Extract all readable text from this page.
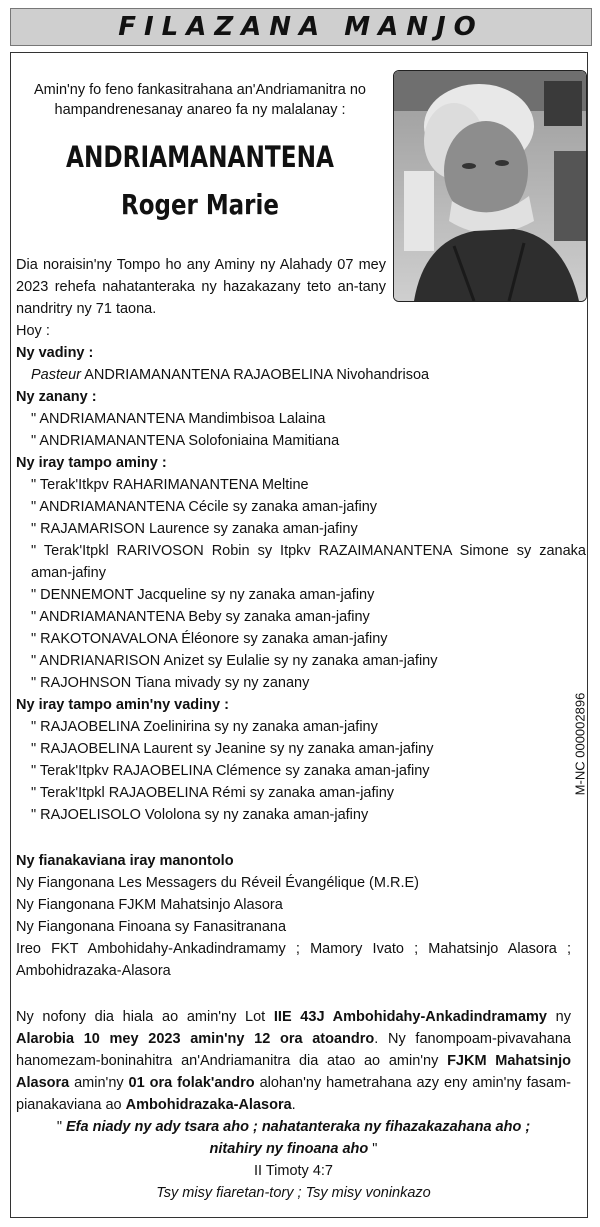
FILAZANA MANJO
Amin'ny fo feno fankasitrahana an'Andriamanitra no hampandrenesanay anareo fa ny malalanay :
ANDRIAMANANTENA
Roger Marie
Dia noraisin'ny Tompo ho any Aminy ny Alahady 07 mey 2023 rehefa nahatanteraka ny hazakazany teto an-tany nandritry ny 71 taona.
Hoy :
Ny vadiny :
Pasteur ANDRIAMANANTENA RAJAOBELINA Nivohandrisoa
Ny zanany :
" ANDRIAMANANTENA Mandimbisoa Lalaina
" ANDRIAMANANTENA Solofoniaina Mamitiana
Ny iray tampo aminy :
" Terak'Itkpv RAHARIMANANTENA Meltine
" ANDRIAMANANTENA Cécile sy zanaka aman-jafiny
" RAJAMARISON Laurence sy zanaka aman-jafiny
" Terak'Itpkl RARIVOSON Robin sy Itpkv RAZAIMANANTENA Simone sy zanaka aman-jafiny
" DENNEMONT Jacqueline sy ny zanaka aman-jafiny
" ANDRIAMANANTENA Beby sy zanaka aman-jafiny
" RAKOTONAVALONA Éléonore sy zanaka aman-jafiny
" ANDRIANARISON Anizet sy Eulalie sy ny zanaka aman-jafiny
" RAJOHNSON Tiana mivady sy ny zanany
Ny iray tampo amin'ny vadiny :
" RAJAOBELINA Zoelinirina sy ny zanaka aman-jafiny
" RAJAOBELINA Laurent sy Jeanine sy ny zanaka aman-jafiny
" Terak'Itpkv RAJAOBELINA Clémence sy zanaka aman-jafiny
" Terak'Itpkl RAJAOBELINA Rémi sy zanaka aman-jafiny
" RAJOELISOLO Vololona sy ny zanaka aman-jafiny
Ny fianakaviana iray manontolo
Ny Fiangonana Les Messagers du Réveil Évangélique (M.R.E)
Ny Fiangonana FJKM Mahatsinjo Alasora
Ny Fiangonana Finoana sy Fanasitranana
Ireo FKT Ambohidahy-Ankadindramamy ; Mamory Ivato ; Mahatsinjo Alasora ; Ambohidrazaka-Alasora
Ny nofony dia hiala ao amin'ny Lot IIE 43J Ambohidahy-Ankadindramamy ny Alarobia 10 mey 2023 amin'ny 12 ora atoandro. Ny fanompoam-pivavahana hanomezam-boninahitra an'Andriamanitra dia atao ao amin'ny FJKM Mahatsinjo Alasora amin'ny 01 ora folak'andro alohan'ny hametrahana azy eny amin'ny fasam-pianakaviana ao Ambohidrazaka-Alasora.
" Efa niady ny ady tsara aho ; nahatanteraka ny fihazakazahana aho ;
nitahiry ny finoana aho "
II Timoty 4:7
Tsy misy fiaretan-tory ; Tsy misy voninkazo
M-NC 000002896
